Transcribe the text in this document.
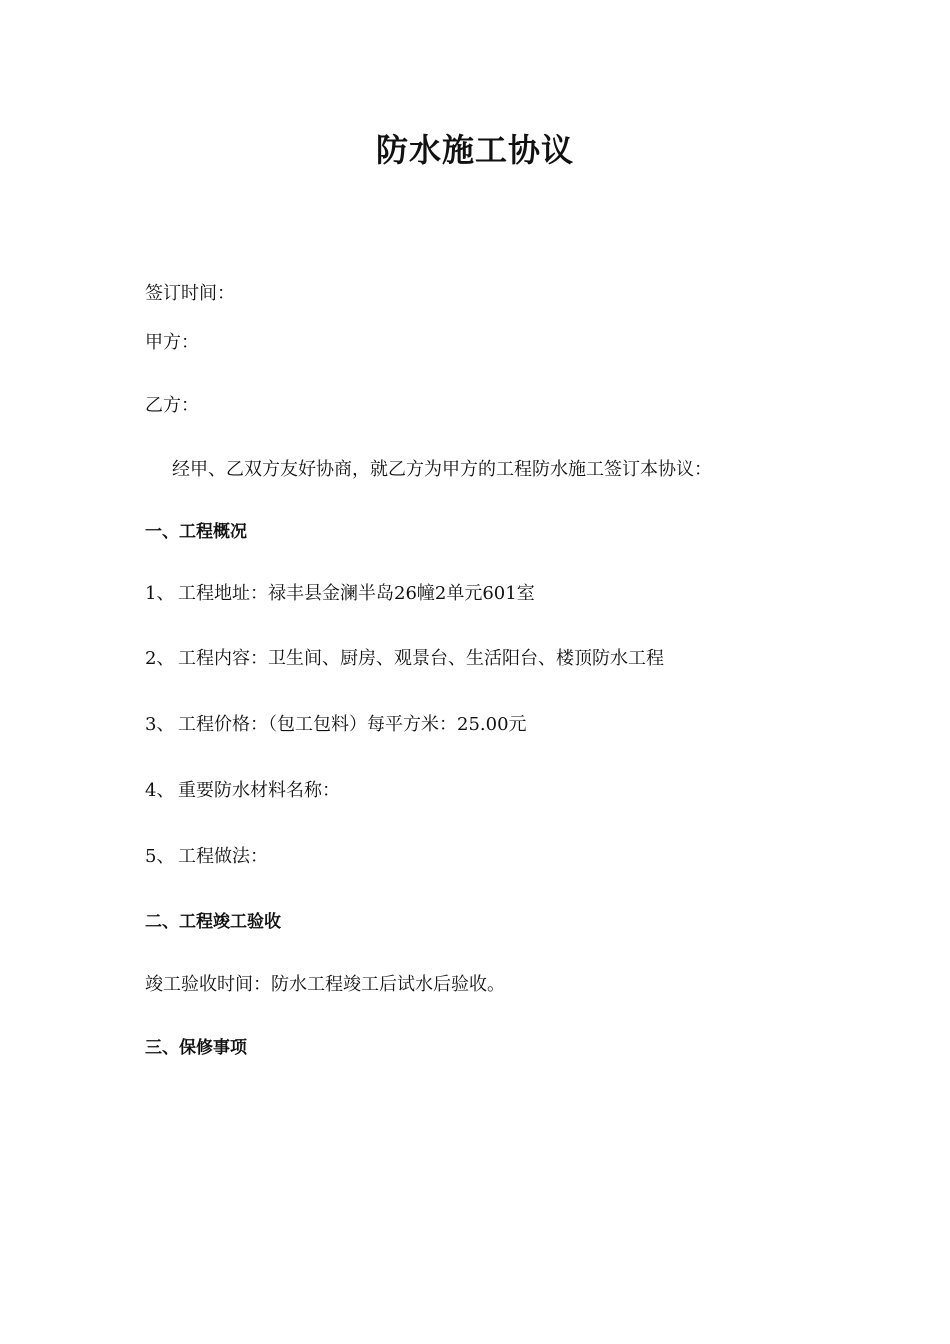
防水施工协议

签订时间：

甲方：

乙方：

经甲、乙双方友好协商，就乙方为甲方的工程防水施工签订本协议：

一、工程概况

1、 工程地址：禄丰县金澜半岛26幢2单元601室

2、 工程内容：卫生间、厨房、观景台、生活阳台、楼顶防水工程

3、 工程价格：（包工包料）每平方米：25.00元

4、 重要防水材料名称：

5、 工程做法：

二、工程竣工验收

竣工验收时间：防水工程竣工后试水后验收。

三、保修事项
